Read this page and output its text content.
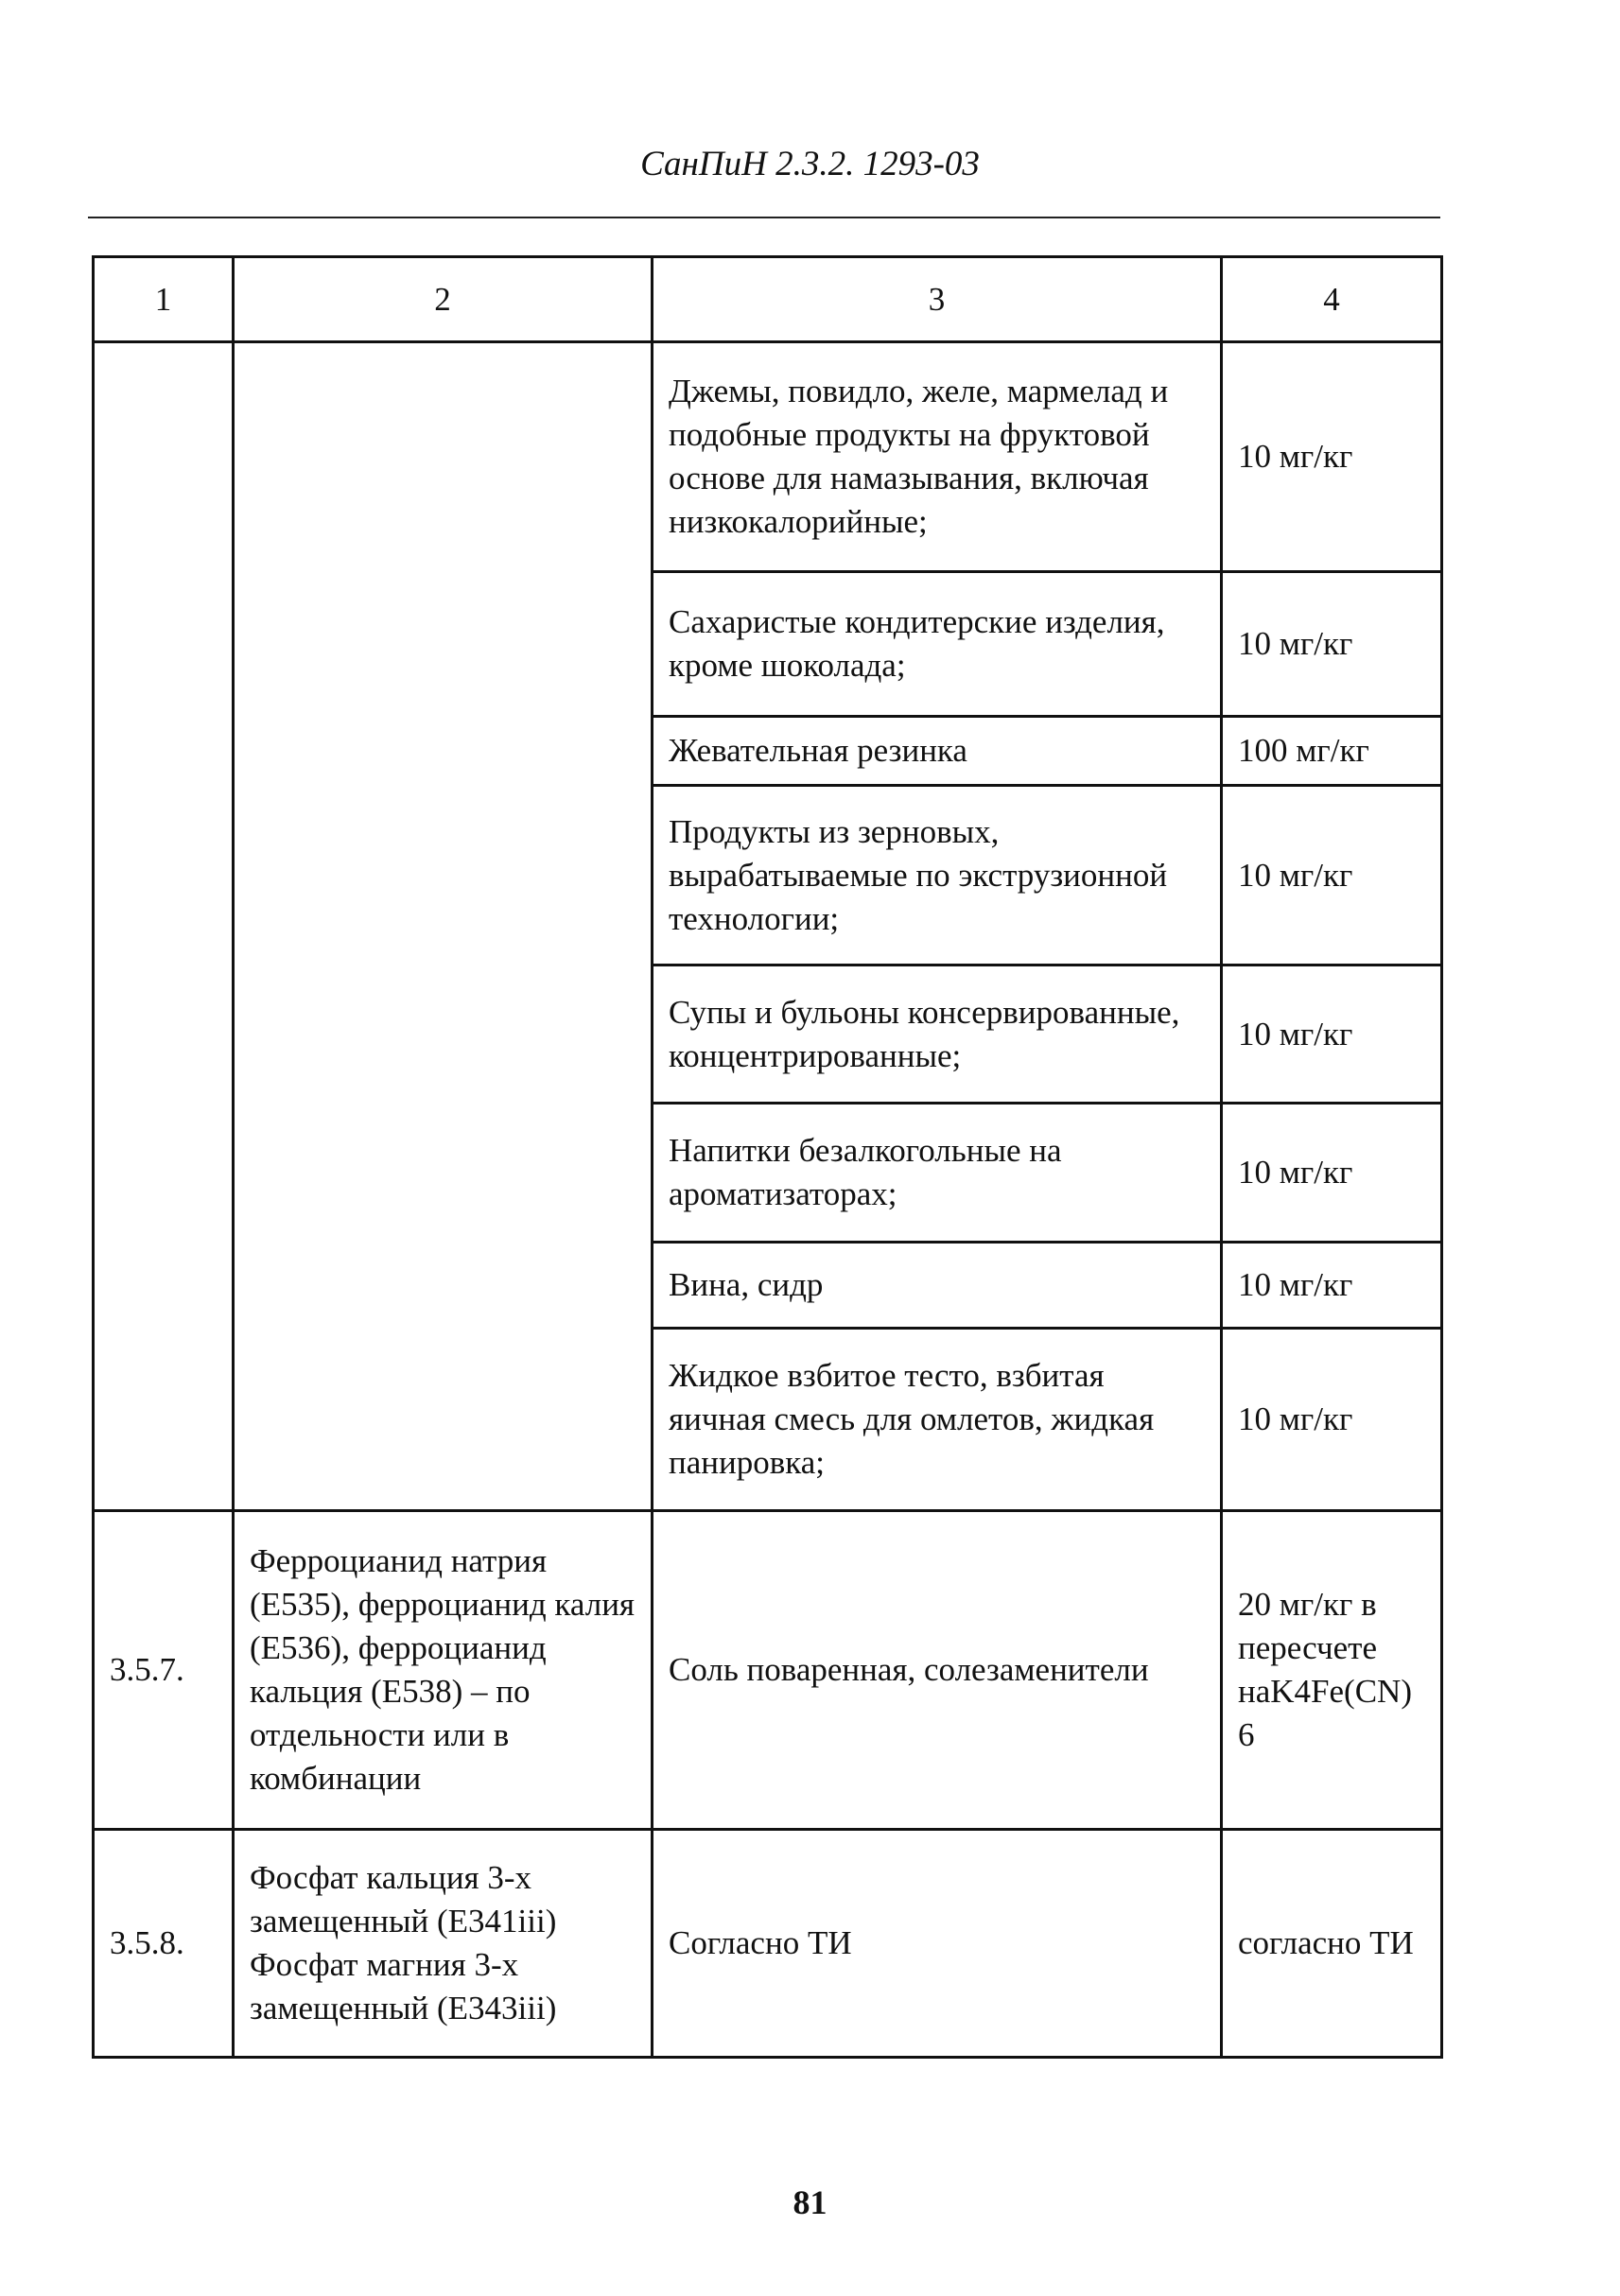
СанПиН 2.3.2. 1293-03
1	2	3	4
		Джемы, повидло, желе, мармелад и подобные продукты на фруктовой основе для намазывания, включая низкокалорийные;	10 мг/кг
		Сахаристые кондитерские изделия, кроме шоколада;	10 мг/кг
		Жевательная резинка	100 мг/кг
		Продукты из зерновых, вырабатываемые по экструзионной технологии;	10 мг/кг
		Супы и бульоны консервированные, концентрированные;	10 мг/кг
		Напитки безалкогольные на ароматизаторах;	10 мг/кг
		Вина, сидр	10 мг/кг
		Жидкое взбитое тесто, взбитая яичная смесь для омлетов, жидкая панировка;	10 мг/кг
3.5.7.	Ферроцианид натрия (Е535), ферроцианид калия (Е536), ферроцианид кальция (Е538) – по отдельности или в комбинации	Соль поваренная, солезаменители	20 мг/кг в пересчете наK4Fe(CN)6
3.5.8.	Фосфат кальция 3-х замещенный (Е341iii) Фосфат магния 3-х замещенный (Е343iii)	Согласно ТИ	согласно ТИ
81
